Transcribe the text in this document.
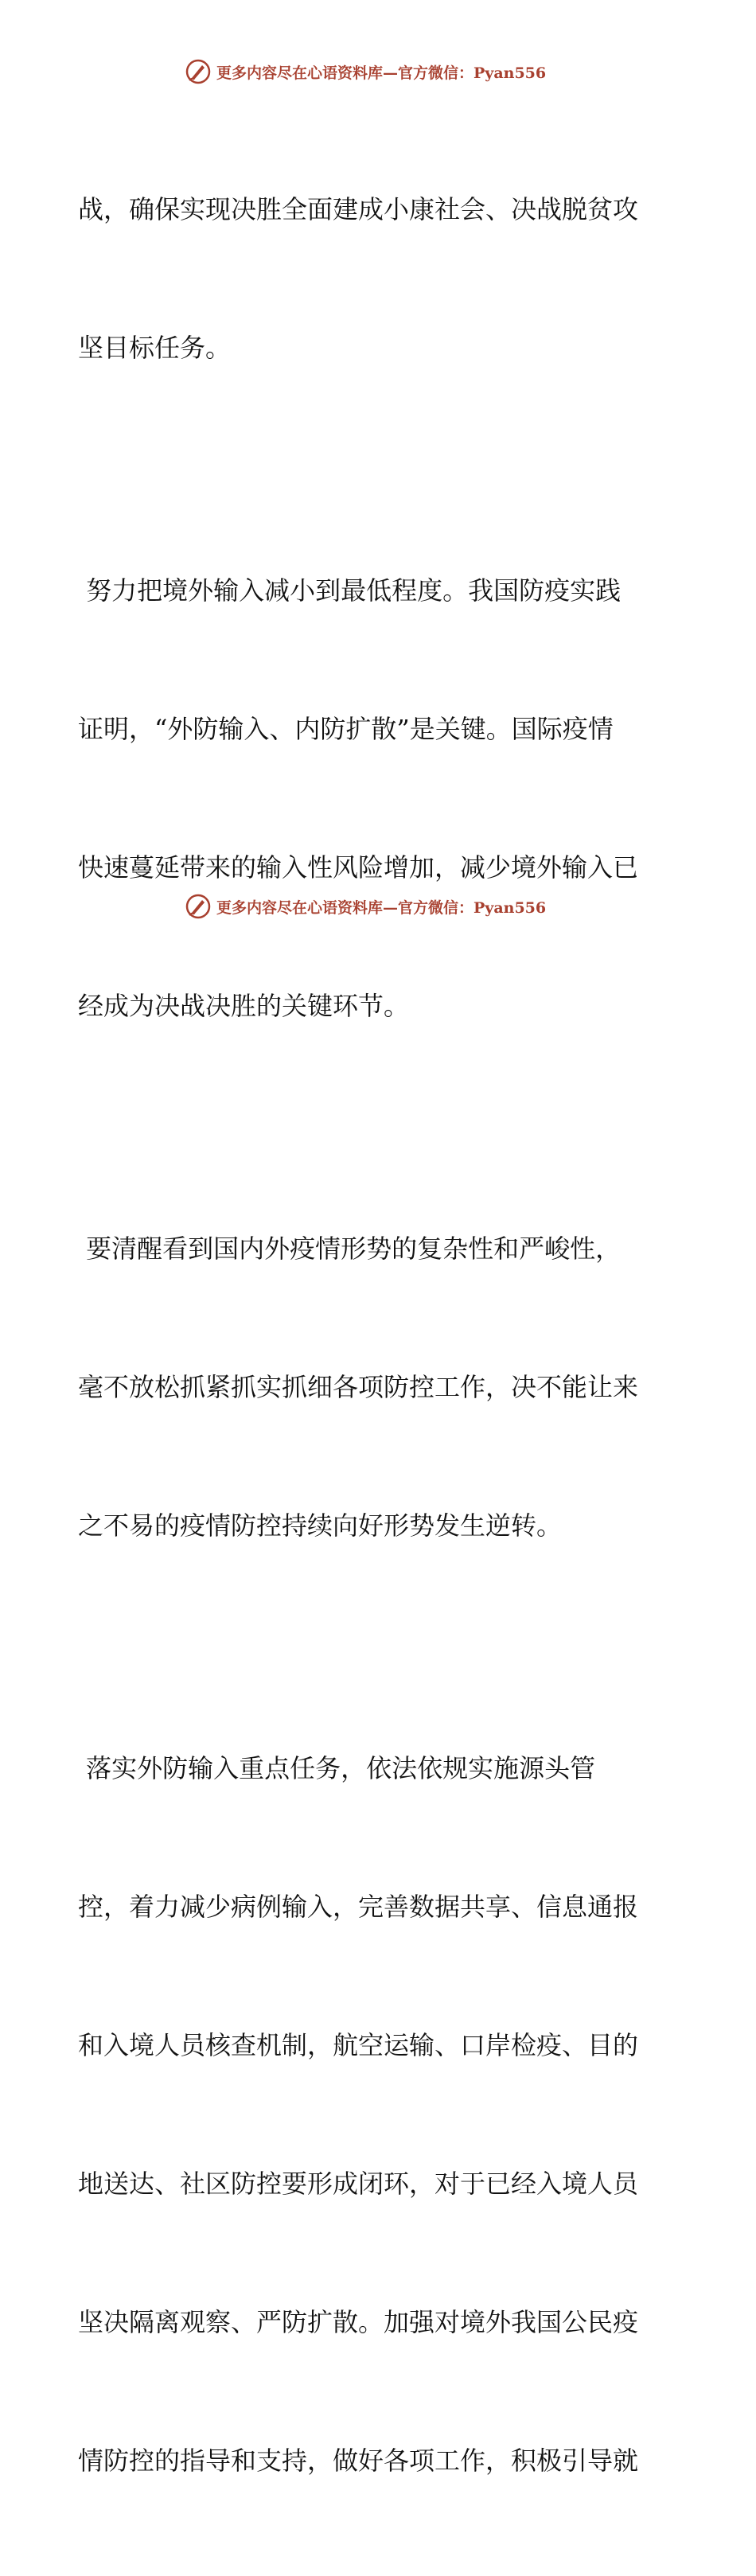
更多内容尽在心语资料库—官方微信：Pyan556

战，确保实现决胜全面建成小康社会、决战脱贫攻

坚目标任务。

努力把境外输入减小到最低程度。我国防疫实践

证明，“外防输入、内防扩散”是关键。国际疫情

快速蔓延带来的输入性风险增加，减少境外输入已

经成为决战决胜的关键环节。

要清醒看到国内外疫情形势的复杂性和严峻性，

毫不放松抓紧抓实抓细各项防控工作，决不能让来

之不易的疫情防控持续向好形势发生逆转。

落实外防输入重点任务，依法依规实施源头管

控，着力减少病例输入，完善数据共享、信息通报

和入境人员核查机制，航空运输、口岸检疫、目的

地送达、社区防控要形成闭环，对于已经入境人员

坚决隔离观察、严防扩散。加强对境外我国公民疫

情防控的指导和支持，做好各项工作，积极引导就

更多内容尽在心语资料库—官方微信：Pyan556
